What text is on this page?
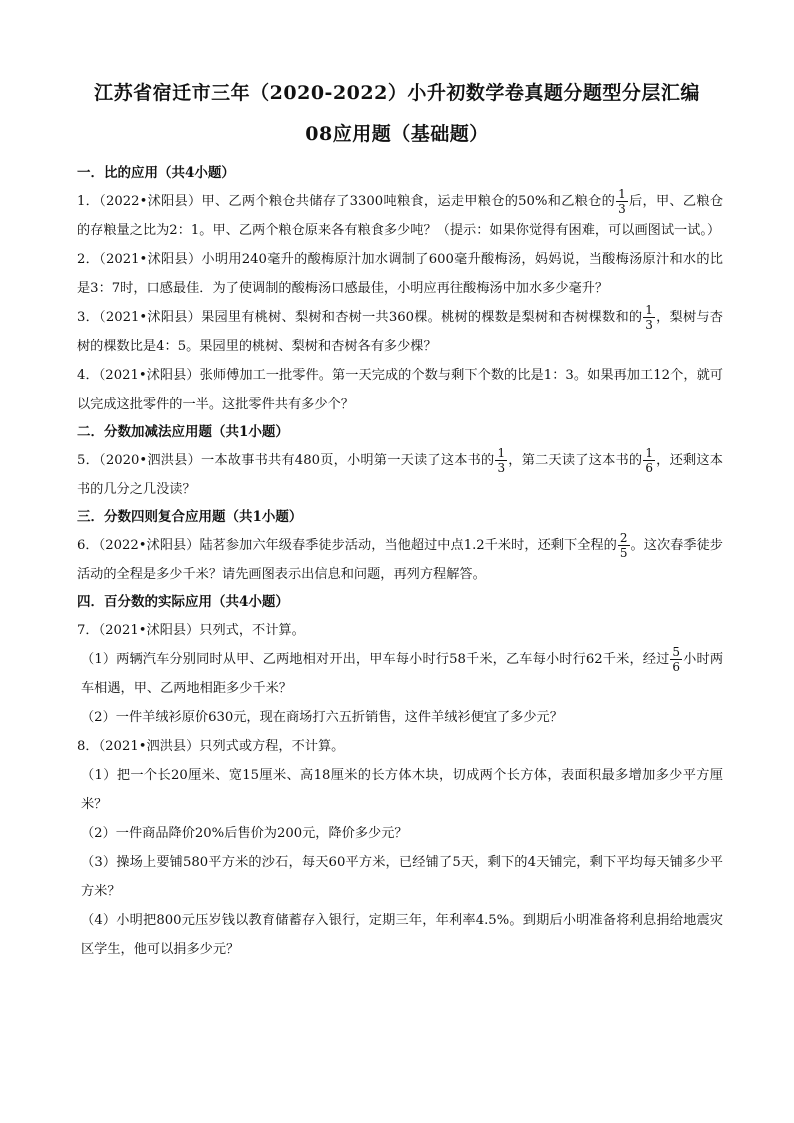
江苏省宿迁市三年（2020-2022）小升初数学卷真题分题型分层汇编
08应用题（基础题）
一．比的应用（共4小题）

1．（2022•沭阳县）甲、乙两个粮仓共储存了3300吨粮食，运走甲粮仓的50%和乙粮仓的 $\frac{1}{3}$ 后，甲、乙粮仓的存粮量之比为2：1。甲、乙两个粮仓原来各有粮食多少吨？（提示：如果你觉得有困难，可以画图试一试。）

2．（2021•沭阳县）小明用240毫升的酸梅原汁加水调制了600毫升酸梅汤，妈妈说，当酸梅汤原汁和水的比是3：7时，口感最佳．为了使调制的酸梅汤口感最佳，小明应再往酸梅汤中加水多少毫升？

3．（2021•沭阳县）果园里有桃树、梨树和杏树一共360棵。桃树的棵数是梨树和杏树棵数和的 $\frac{1}{3}$ ，梨树与杏树的棵数比是4：5。果园里的桃树、梨树和杏树各有多少棵？

4．（2021•沭阳县）张师傅加工一批零件。第一天完成的个数与剩下个数的比是1：3。如果再加工12个，就可以完成这批零件的一半。这批零件共有多少个？

二．分数加减法应用题（共1小题）

5．（2020•泗洪县）一本故事书共有480页，小明第一天读了这本书的 $\frac{1}{3}$ ，第二天读了这本书的 $\frac{1}{6}$ ，还剩这本书的几分之几没读？

三．分数四则复合应用题（共1小题）

6．（2022•沭阳县）陆茗参加六年级春季徒步活动，当他超过中点1.2千米时，还剩下全程的 $\frac{2}{5}$ 。这次春季徒步活动的全程是多少千米？请先画图表示出信息和问题，再列方程解答。

四．百分数的实际应用（共4小题）

7．（2021•沭阳县）只列式，不计算。

（1）两辆汽车分别同时从甲、乙两地相对开出，甲车每小时行58千米，乙车每小时行62千米，经过 $\frac{5}{6}$ 小时两车相遇，甲、乙两地相距多少千米？

（2）一件羊绒衫原价630元，现在商场打六五折销售，这件羊绒衫便宜了多少元？

8．（2021•泗洪县）只列式或方程，不计算。

（1）把一个长20厘米、宽15厘米、高18厘米的长方体木块，切成两个长方体，表面积最多增加多少平方厘米？

（2）一件商品降价20%后售价为200元，降价多少元？

（3）操场上要铺580平方米的沙石，每天60平方米，已经铺了5天，剩下的4天铺完，剩下平均每天铺多少平方米？

（4）小明把800元压岁钱以教育储蓄存入银行，定期三年，年利率4.5%。到期后小明准备将利息捐给地震灾区学生，他可以捐多少元？
